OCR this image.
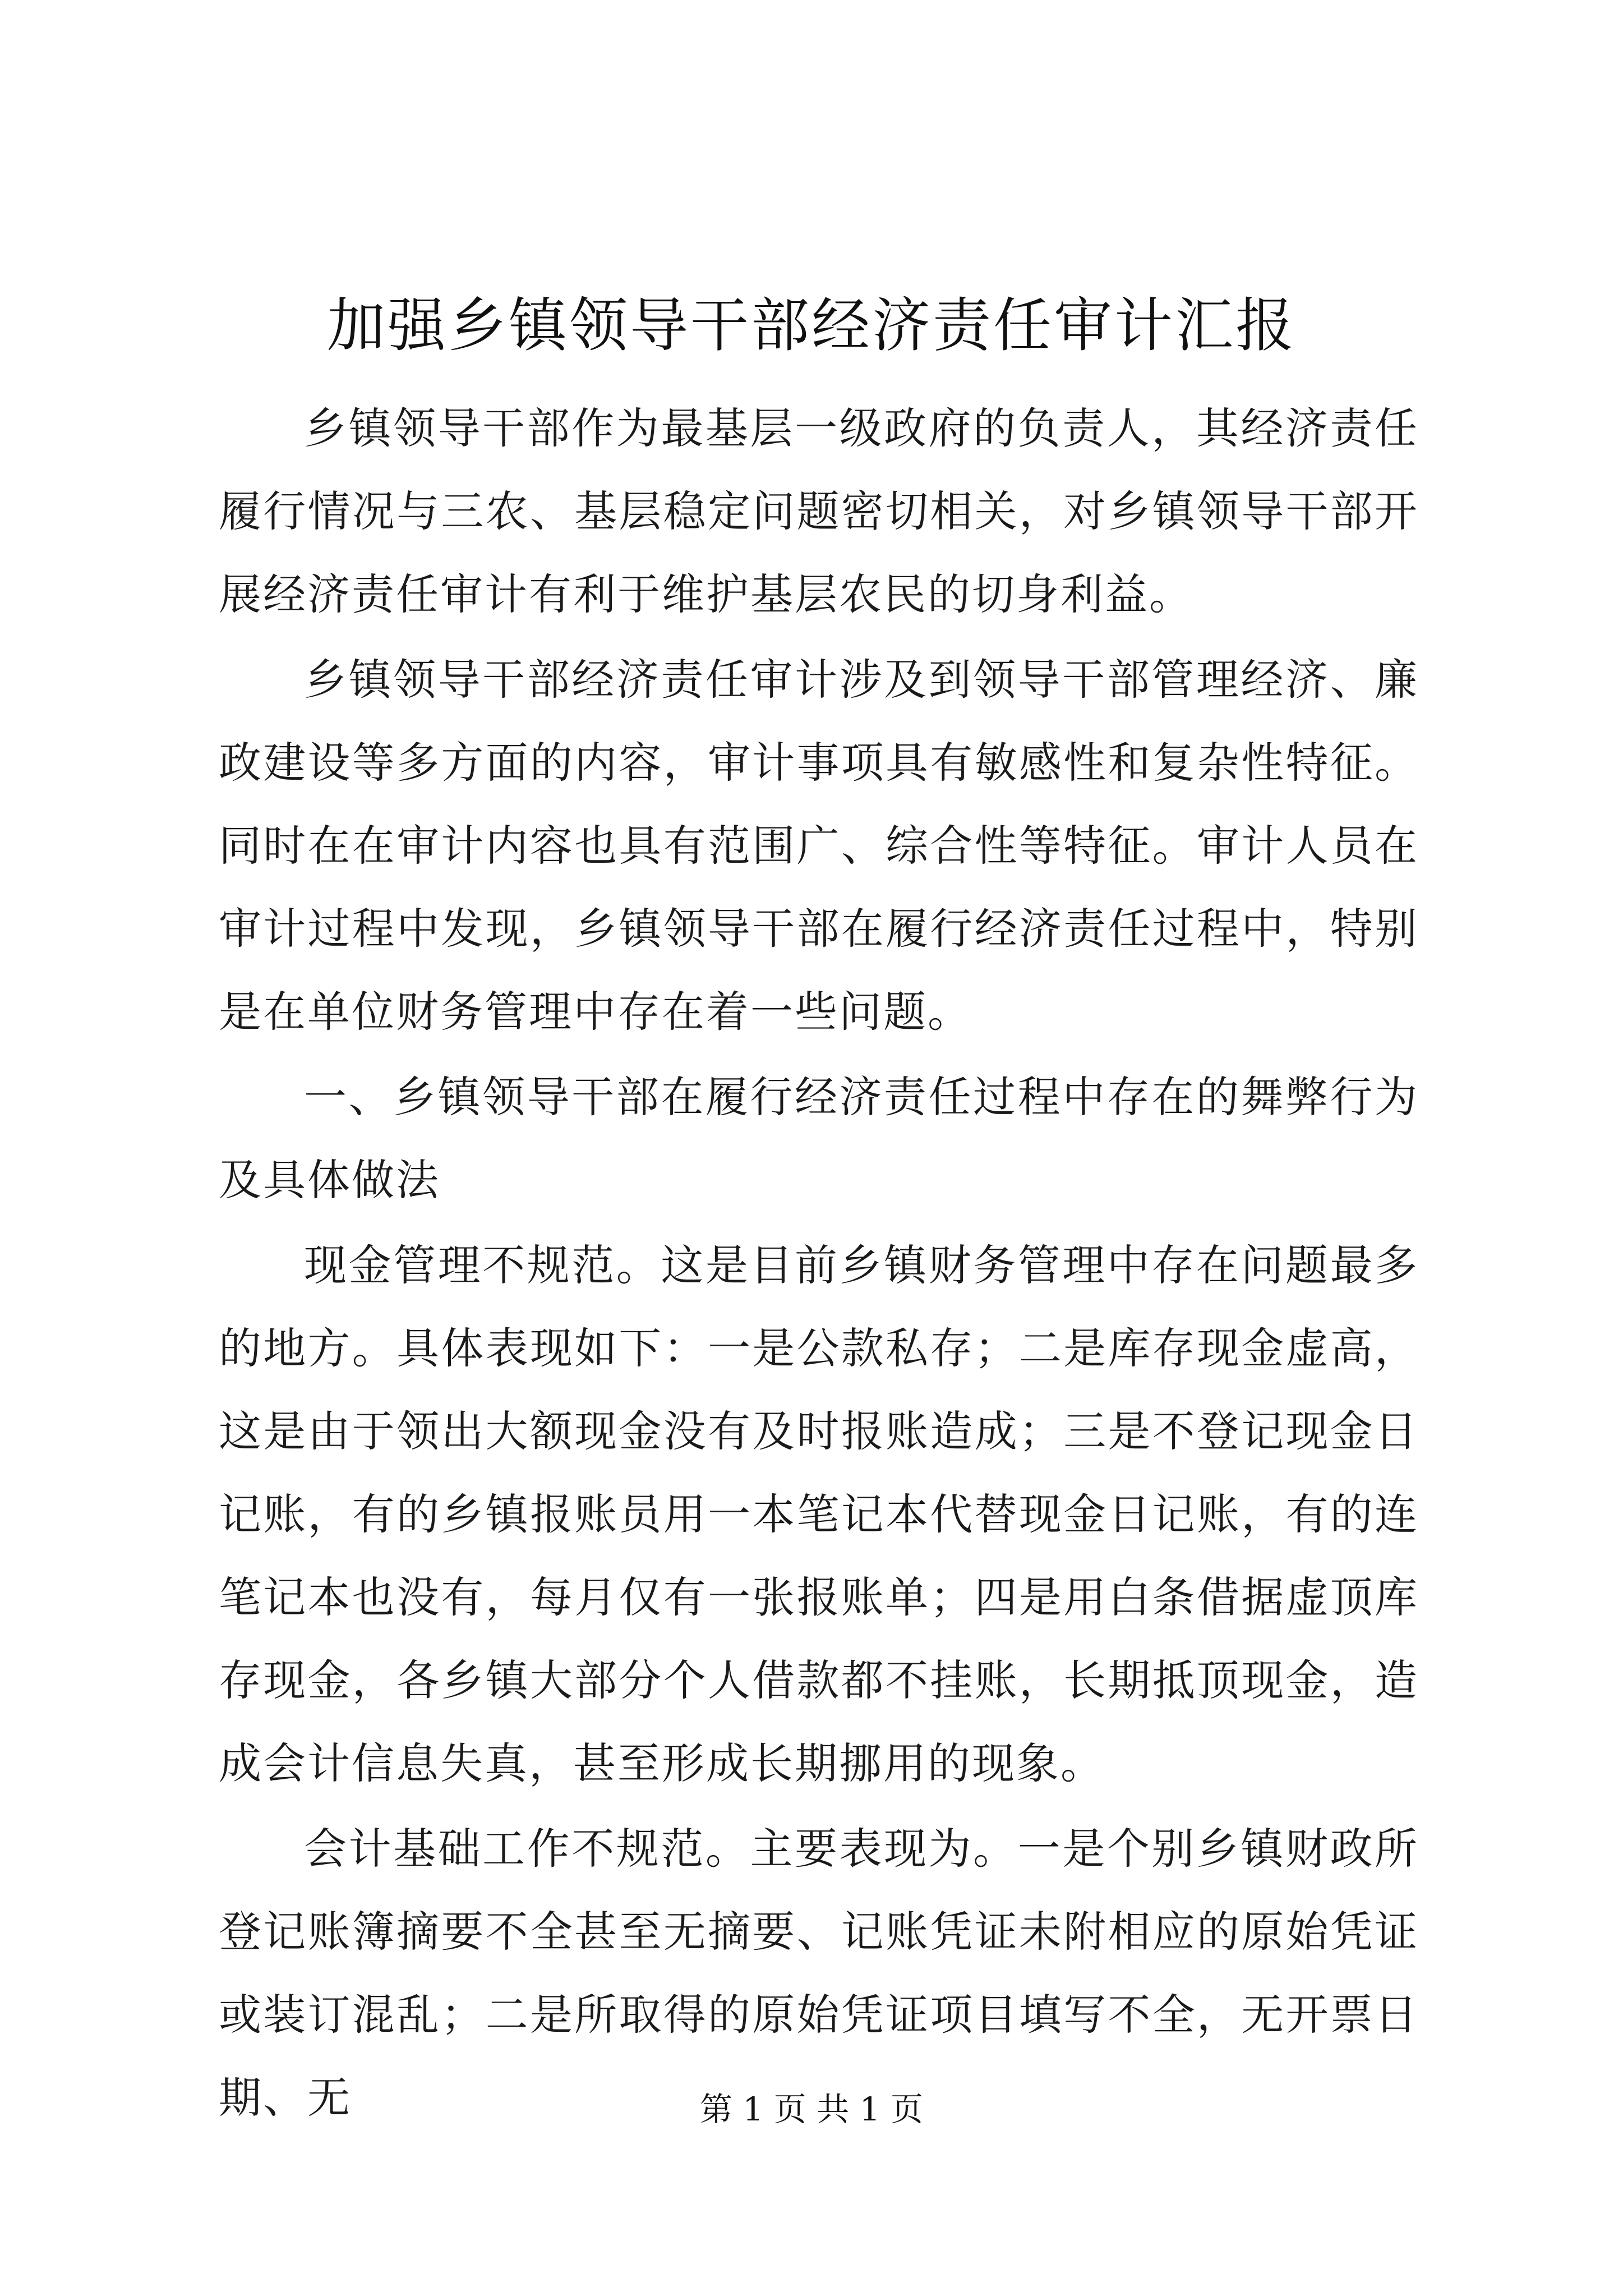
加强乡镇领导干部经济责任审计汇报

乡镇领导干部作为最基层一级政府的负责人，其经济责任履行情况与三农、基层稳定问题密切相关，对乡镇领导干部开展经济责任审计有利于维护基层农民的切身利益。

乡镇领导干部经济责任审计涉及到领导干部管理经济、廉政建设等多方面的内容，审计事项具有敏感性和复杂性特征。同时在在审计内容也具有范围广、综合性等特征。审计人员在审计过程中发现，乡镇领导干部在履行经济责任过程中，特别是在单位财务管理中存在着一些问题。

一、乡镇领导干部在履行经济责任过程中存在的舞弊行为及具体做法

现金管理不规范。这是目前乡镇财务管理中存在问题最多的地方。具体表现如下：一是公款私存；二是库存现金虚高，这是由于领出大额现金没有及时报账造成；三是不登记现金日记账，有的乡镇报账员用一本笔记本代替现金日记账，有的连笔记本也没有，每月仅有一张报账单；四是用白条借据虚顶库存现金，各乡镇大部分个人借款都不挂账，长期抵顶现金，造成会计信息失真，甚至形成长期挪用的现象。

会计基础工作不规范。主要表现为。一是个别乡镇财政所登记账簿摘要不全甚至无摘要、记账凭证未附相应的原始凭证或装订混乱；二是所取得的原始凭证项目填写不全，无开票日期、无	第 1 页 共 1 页
